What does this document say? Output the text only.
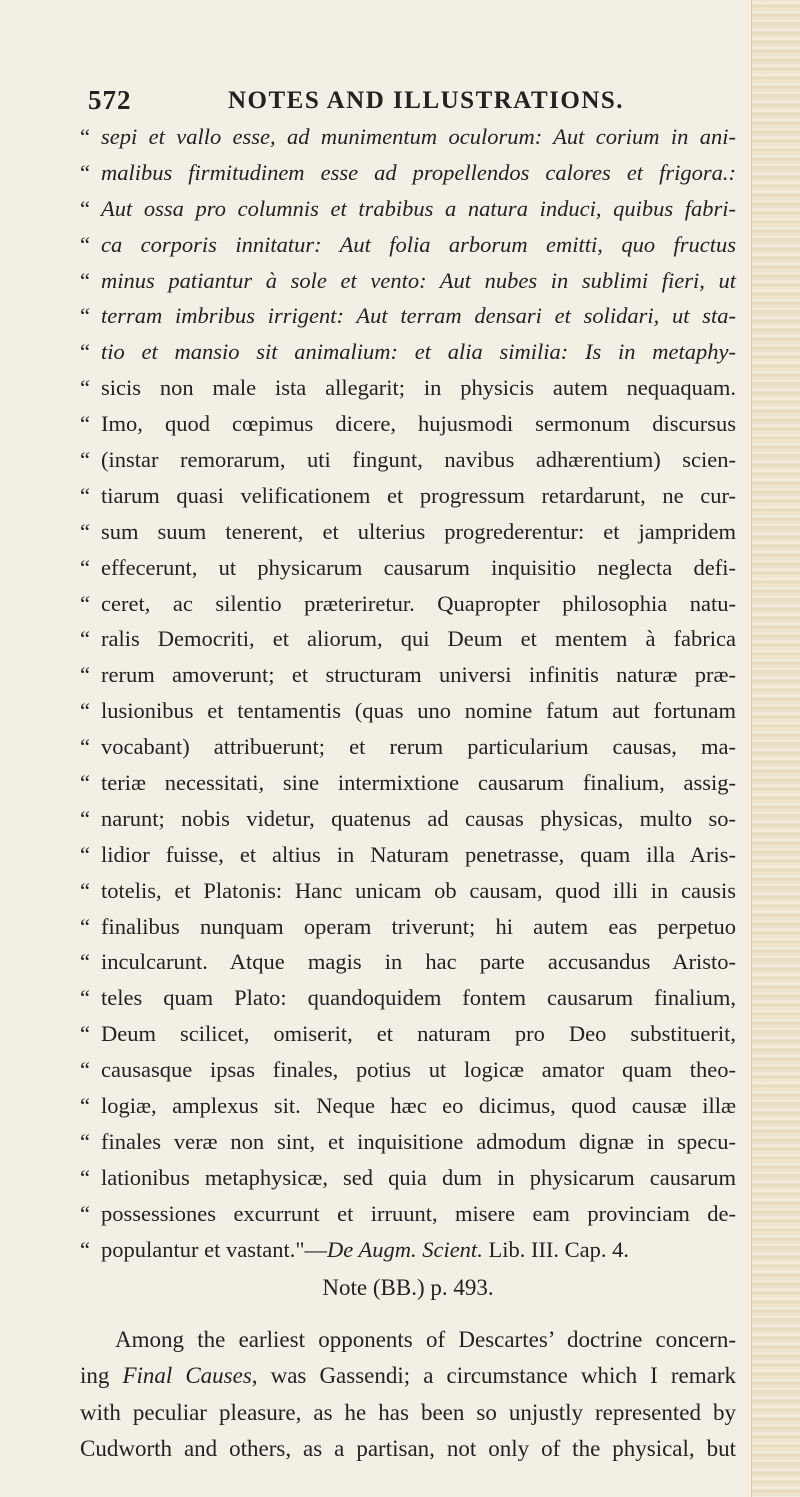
572	NOTES AND ILLUSTRATIONS.
“ sepi et vallo esse, ad munimentum oculorum: Aut corium in ani-
“ malibus firmitudinem esse ad propellendos calores et frigora.:
“ Aut ossa pro columnis et trabibus a natura induci, quibus fabri-
“ ca corporis innitatur: Aut folia arborum emitti, quo fructus
“ minus patiantur à sole et vento: Aut nubes in sublimi fieri, ut
“ terram imbribus irrigent: Aut terram densari et solidari, ut sta-
“ tio et mansio sit animalium: et alia similia: Is in metaphy-
“ sicis non male ista allegarit; in physicis autem nequaquam.
“ Imo, quod cœpimus dicere, hujusmodi sermonum discursus
“ (instar remorarum, uti fingunt, navibus adhærentium) scien-
“ tiarum quasi velificationem et progressum retardarunt, ne cur-
“ sum suum tenerent, et ulterius progrederentur: et jampridem
“ effecerunt, ut physicarum causarum inquisitio neglecta defi-
“ ceret, ac silentio præteriretur. Quapropter philosophia natu-
“ ralis Democriti, et aliorum, qui Deum et mentem à fabrica
“ rerum amoverunt; et structuram universi infinitis naturæ præ-
“ lusionibus et tentamentis (quas uno nomine fatum aut fortunam
“ vocabant) attribuerunt; et rerum particularium causas, ma-
“ teriæ necessitati, sine intermixtione causarum finalium, assig-
“ narunt; nobis videtur, quatenus ad causas physicas, multo so-
“ lidior fuisse, et altius in Naturam penetrasse, quam illa Aris-
“ totelis, et Platonis: Hanc unicam ob causam, quod illi in causis
“ finalibus nunquam operam triverunt; hi autem eas perpetuo
“ inculcarunt. Atque magis in hac parte accusandus Aristo-
“ teles quam Plato: quandoquidem fontem causarum finalium,
“ Deum scilicet, omiserit, et naturam pro Deo substituerit,
“ causasque ipsas finales, potius ut logicæ amator quam theo-
“ logiæ, amplexus sit. Neque hæc eo dicimus, quod causæ illæ
“ finales veræ non sint, et inquisitione admodum dignæ in specu-
“ lationibus metaphysicæ, sed quia dum in physicarum causarum
“ possessiones excurrunt et irruunt, misere eam provinciam de-
“ populantur et vastant."—De Augm. Scient. Lib. III. Cap. 4.
Note (BB.) p. 493.
Among the earliest opponents of Descartes’ doctrine concern-
ing Final Causes, was Gassendi; a circumstance which I remark
with peculiar pleasure, as he has been so unjustly represented by
Cudworth and others, as a partisan, not only of the physical, but
